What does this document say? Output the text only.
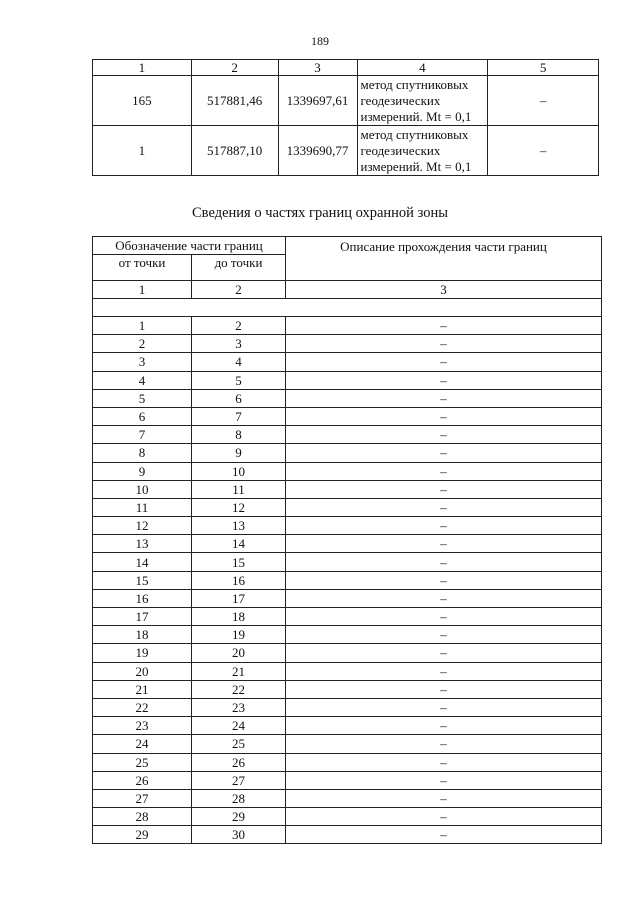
189
1	2	3	4	5
165	517881,46	1339697,61	метод спутниковых
геодезических
измерений. Mt = 0,1	–
1	517887,10	1339690,77	метод спутниковых
геодезических
измерений. Mt = 0,1	–
Сведения о частях границ охранной зоны
Обозначение части границ		Описание прохождения части границ
от точки	до точки	
1	2	3

1	2	–
2	3	–
3	4	–
4	5	–
5	6	–
6	7	–
7	8	–
8	9	–
9	10	–
10	11	–
11	12	–
12	13	–
13	14	–
14	15	–
15	16	–
16	17	–
17	18	–
18	19	–
19	20	–
20	21	–
21	22	–
22	23	–
23	24	–
24	25	–
25	26	–
26	27	–
27	28	–
28	29	–
29	30	–
